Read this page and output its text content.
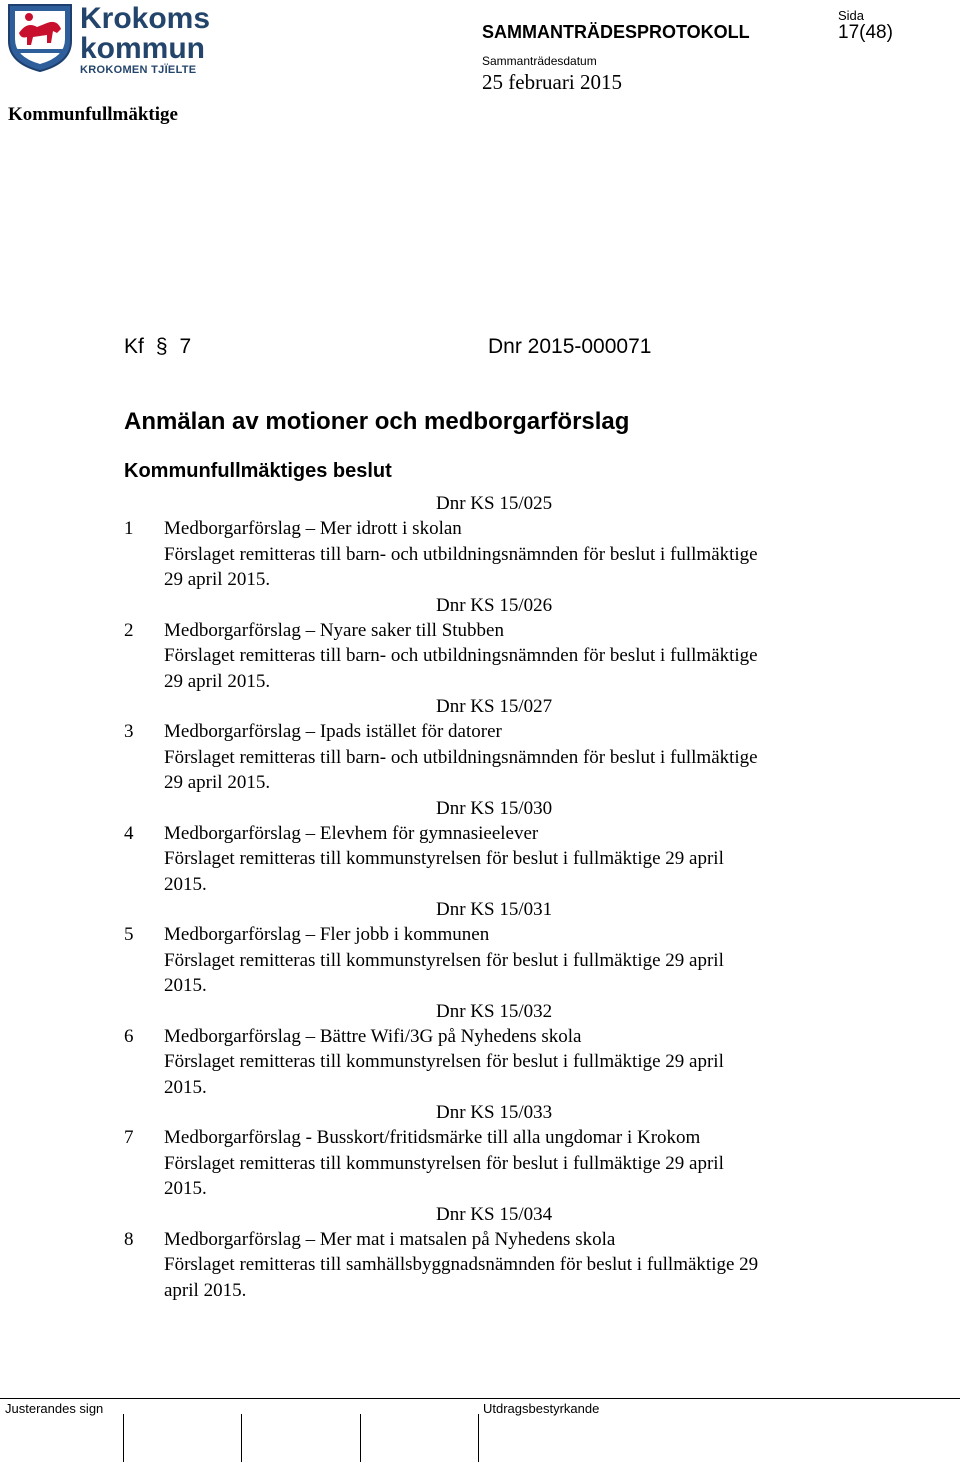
Krokoms
kommun
KROKOMEN TJÏELTE
SAMMANTRÄDESPROTOKOLL
Sammanträdesdatum
25 februari 2015
Sida
17(48)
Kommunfullmäktige
Kf § 7	Dnr 2015-000071
Anmälan av motioner och medborgarförslag
Kommunfullmäktiges beslut
Dnr KS 15/025
1 Medborgarförslag – Mer idrott i skolan
Förslaget remitteras till barn- och utbildningsnämnden för beslut i fullmäktige 29 april 2015.
Dnr KS 15/026
2 Medborgarförslag – Nyare saker till Stubben
Förslaget remitteras till barn- och utbildningsnämnden för beslut i fullmäktige 29 april 2015.
Dnr KS 15/027
3 Medborgarförslag – Ipads istället för datorer
Förslaget remitteras till barn- och utbildningsnämnden för beslut i fullmäktige 29 april 2015.
Dnr KS 15/030
4 Medborgarförslag – Elevhem för gymnasieelever
Förslaget remitteras till kommunstyrelsen för beslut i fullmäktige 29 april 2015.
Dnr KS 15/031
5 Medborgarförslag – Fler jobb i kommunen
Förslaget remitteras till kommunstyrelsen för beslut i fullmäktige 29 april 2015.
Dnr KS 15/032
6 Medborgarförslag – Bättre Wifi/3G på Nyhedens skola
Förslaget remitteras till kommunstyrelsen för beslut i fullmäktige 29 april 2015.
Dnr KS 15/033
7 Medborgarförslag - Busskort/fritidsmärke till alla ungdomar i Krokom
Förslaget remitteras till kommunstyrelsen för beslut i fullmäktige 29 april 2015.
Dnr KS 15/034
8 Medborgarförslag – Mer mat i matsalen på Nyhedens skola
Förslaget remitteras till samhällsbyggnadsnämnden för beslut i fullmäktige 29 april 2015.
Justerandes sign	Utdragsbestyrkande
